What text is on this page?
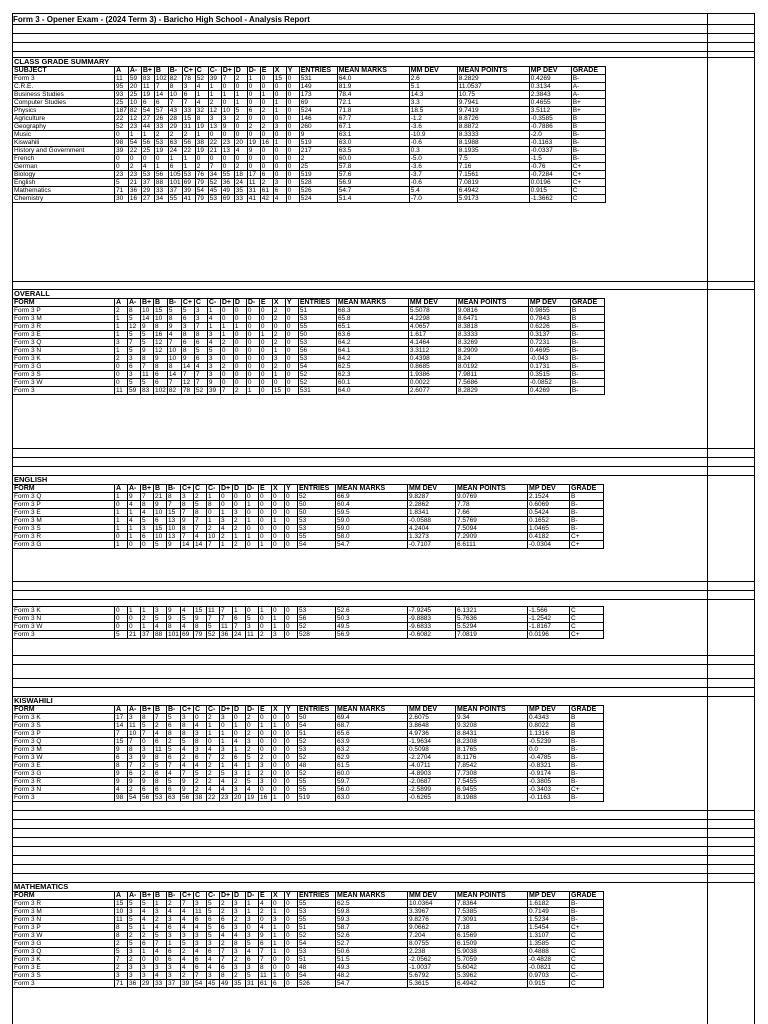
Form 3 - Opener Exam - (2024 Term 3) - Baricho High School - Analysis Report
CLASS GRADE SUMMARY
SUBJECT	A	A-	B+	B	B-	C+	C	C-	D+	D	D-	E	X	Y	ENTRIES	MEAN MARKS	MM DEV	MEAN POINTS	MP DEV	GRADE
Form 3	11	59	83	102	82	78	52	39	7	2	1	0	15	0	531	64.0	2.6	8.2829	0.4269	B-
C.R.E.	95	20	11	7	8	3	4	1	0	0	0	0	0	0	149	81.9	5.1	11.0537	0.3134	A-
Business Studies	93	25	19	14	10	6	1	1	1	1	0	1	0	0	173	78.4	14.3	10.75	2.3843	A-
Computer Studies	25	10	6	6	7	7	4	2	0	1	0	0	1	0	69	72.1	3.3	9.7941	0.4655	B+
Physics	187	82	54	57	43	33	32	12	10	5	6	2	1	0	524	71.8	18.5	9.7419	3.5112	B+
Agriculture	22	12	27	26	28	15	8	3	3	2	0	0	0	0	146	67.7	-1.2	8.8726	-0.3585	B
Geography	52	23	44	33	29	31	19	13	9	0	2	2	3	0	260	67.1	-3.6	8.8872	-0.7886	B
Music	0	1	1	2	2	2	1	0	0	0	0	0	0	0	9	63.1	-10.9	8.3333	-2.0	B-
Kiswahili	98	54	56	53	63	56	38	22	23	20	19	16	1	0	519	63.0	-0.6	8.1988	-0.1163	B-
History and Government	39	22	25	19	24	22	19	21	13	4	9	0	0	0	217	63.5	0.3	8.1935	-0.0337	B-
French	0	0	0	0	1	1	0	0	0	0	0	0	0	0	2	60.0	-5.0	7.5	-1.5	B-
German	0	2	4	1	6	1	2	7	0	2	0	0	0	0	25	57.8	-3.6	7.16	-0.76	C+
Biology	23	23	53	56	105	53	76	34	55	18	17	6	0	0	519	57.6	-3.7	7.1561	-0.7284	C+
English	5	21	37	88	101	69	79	52	36	24	11	2	3	0	528	56.9	-0.6	7.0819	0.0196	C+
Mathematics	71	36	29	33	37	39	54	45	49	35	31	61	6	0	526	54.7	5.4	6.4942	0.915	C
Chemistry	30	16	27	34	55	41	79	53	69	33	41	42	4	0	524	51.4	-7.0	5.9173	-1.3662	C
OVERALL
FORM	A	A-	B+	B	B-	C+	C	C-	D+	D	D-	E	X	Y	ENTRIES	MEAN MARKS	MM DEV	MEAN POINTS	MP DEV	GRADE
Form 3 P	2	8	10	15	5	5	3	1	0	0	0	0	2	0	51	68.3	5.5078	9.0816	0.9855	B
Form 3 M	1	5	14	10	8	6	3	4	0	0	0	0	2	0	53	65.8	4.2298	8.6471	0.7843	B
Form 3 R	1	12	9	8	9	3	7	1	1	1	0	0	0	0	55	65.1	4.0657	8.3818	0.6226	B-
Form 3 E	1	5	5	16	4	8	8	3	1	0	0	1	2	0	50	63.6	1.617	8.3333	0.3137	B-
Form 3 Q	3	7	5	12	7	6	6	4	2	0	0	0	2	0	53	64.2	4.1464	8.3269	0.7231	B-
Form 3 N	1	5	9	12	10	8	5	5	0	0	0	0	1	0	56	64.1	3.3112	8.2909	0.4695	B-
Form 3 K	2	3	8	9	10	9	6	3	0	0	0	0	3	0	53	64.2	0.4398	8.24	-0.043	B-
Form 3 G	0	6	7	8	8	14	4	3	2	0	0	0	2	0	54	62.5	0.8685	8.0192	0.1731	B-
Form 3 S	0	3	11	6	14	7	7	3	0	0	0	0	1	0	52	62.3	1.9386	7.9811	0.3515	B-
Form 3 W	0	5	5	6	7	12	7	9	0	0	0	0	0	0	52	60.1	0.0022	7.5686	-0.0852	B-
Form 3	11	59	83	102	82	78	52	39	7	2	1	0	15	0	531	64.0	2.6077	8.2829	0.4269	B-
ENGLISH
FORM	A	A-	B+	B	B-	C+	C	C-	D+	D	D-	E	X	Y	ENTRIES	MEAN MARKS	MM DEV	MEAN POINTS	MP DEV	GRADE
Form 3 Q	1	9	7	21	8	3	2	1	0	0	0	0	0	0	52	66.9	9.8287	9.0769	2.1524	B
Form 3 P	0	4	8	9	7	8	5	8	0	0	1	0	0	0	50	60.4	2.2862	7.78	0.6069	B-
Form 3 E	1	1	4	10	15	7	8	0	1	3	0	0	0	0	50	59.5	1.8341	7.66	0.5424	B-
Form 3 M	1	4	5	6	13	9	7	1	3	2	1	0	1	0	53	59.0	-0.0588	7.5769	0.1652	B-
Form 3 S	1	1	3	15	10	8	7	2	4	2	0	0	0	0	53	59.0	4.2404	7.5094	1.0465	B-
Form 3 R	0	1	6	10	13	7	4	10	2	1	1	0	0	0	55	58.0	1.3273	7.2909	0.4182	C+
Form 3 G	1	0	0	5	9	14	14	7	1	2	0	1	0	0	54	54.7	-0.7107	6.6111	-0.0304	C+
Form 3 K	0	1	1	3	9	4	15	11	7	1	0	1	0	0	53	52.6	-7.9245	6.1321	-1.566	C
Form 3 N	0	0	2	5	9	5	9	7	7	6	5	0	1	0	56	50.3	-9.8883	5.7636	-1.2542	C
Form 3 W	0	0	1	4	8	4	8	5	11	7	3	0	1	0	52	49.5	-9.6833	5.5294	-1.8167	C
Form 3	5	21	37	88	101	69	79	52	36	24	11	2	3	0	528	56.9	-0.6082	7.0819	0.0196	C+
KISWAHILI
FORM	A	A-	B+	B	B-	C+	C	C-	D+	D	D-	E	X	Y	ENTRIES	MEAN MARKS	MM DEV	MEAN POINTS	MP DEV	GRADE
Form 3 K	17	3	8	7	5	3	0	2	3	0	2	0	0	0	50	69.4	2.6075	9.34	0.4343	B
Form 3 S	14	11	5	2	6	8	4	1	0	1	0	1	1	0	54	68.7	3.8648	9.3208	0.8022	B
Form 3 P	7	10	7	4	8	8	3	1	1	0	2	0	0	0	51	65.6	4.9736	8.8431	1.1316	B
Form 3 Q	15	7	0	6	2	5	8	0	1	4	3	0	0	0	52	63.9	-1.9634	8.2308	-0.5239	B-
Form 3 M	9	8	3	11	5	4	3	4	3	1	2	0	0	0	53	63.2	0.5098	8.1765	0.0	B-
Form 3 W	6	3	9	8	6	2	6	7	2	6	5	2	0	0	52	62.9	-2.2704	8.1176	-0.4785	B-
Form 3 E	8	7	2	5	7	4	4	2	1	4	1	3	0	0	48	61.5	-4.0711	7.8542	-0.8321	B-
Form 3 G	9	6	2	6	4	7	5	2	5	3	1	2	0	0	52	60.0	-4.8903	7.7308	-0.9174	B-
Form 3 R	9	9	9	8	5	9	2	2	4	2	5	3	0	0	55	59.7	-2.0687	7.5455	-0.3805	B-
Form 3 N	4	2	6	6	6	9	2	4	4	3	4	0	0	0	55	56.0	-2.5899	6.9455	-0.3403	C+
Form 3	98	54	56	53	63	56	38	22	23	20	19	16	1	0	519	63.0	-0.6265	8.1988	-0.1163	B-
MATHEMATICS
FORM	A	A-	B+	B	B-	C+	C	C-	D+	D	D-	E	X	Y	ENTRIES	MEAN MARKS	MM DEV	MEAN POINTS	MP DEV	GRADE
Form 3 R	15	5	5	1	2	7	3	5	2	3	1	4	0	0	55	62.5	10.0364	7.8364	1.6182	B-
Form 3 M	10	3	4	3	4	4	11	5	2	3	1	2	1	0	53	59.8	3.3967	7.5385	0.7149	B-
Form 3 N	11	5	4	2	3	4	6	6	6	2	3	0	3	0	55	59.3	9.8276	7.3091	1.5234	B-
Form 3 P	8	5	1	4	6	4	4	5	6	3	0	4	1	0	51	58.7	9.0662	7.18	1.5454	C+
Form 3 W	8	2	2	5	3	3	3	5	4	4	3	9	1	0	52	52.6	7.204	6.1569	1.3107	C
Form 3 G	2	5	6	7	1	5	3	3	2	8	5	6	1	0	54	52.7	8.0755	6.1509	1.3585	C
Form 3 Q	5	3	1	4	6	2	4	6	7	3	4	7	1	0	53	50.6	2.238	5.9038	0.4888	C
Form 3 K	7	2	0	0	6	4	6	4	7	2	6	7	0	0	51	51.5	-2.0562	5.7059	-0.4828	C
Form 3 E	2	3	3	3	3	4	6	4	6	3	3	8	0	0	48	49.3	-1.0037	5.6042	-0.0821	C
Form 3 S	3	3	3	4	3	2	7	3	8	2	5	11	1	0	54	48.2	5.6792	5.3962	0.9703	C-
Form 3	71	36	29	33	37	39	54	45	49	35	31	61	6	0	526	54.7	5.3615	6.4942	0.915	C
